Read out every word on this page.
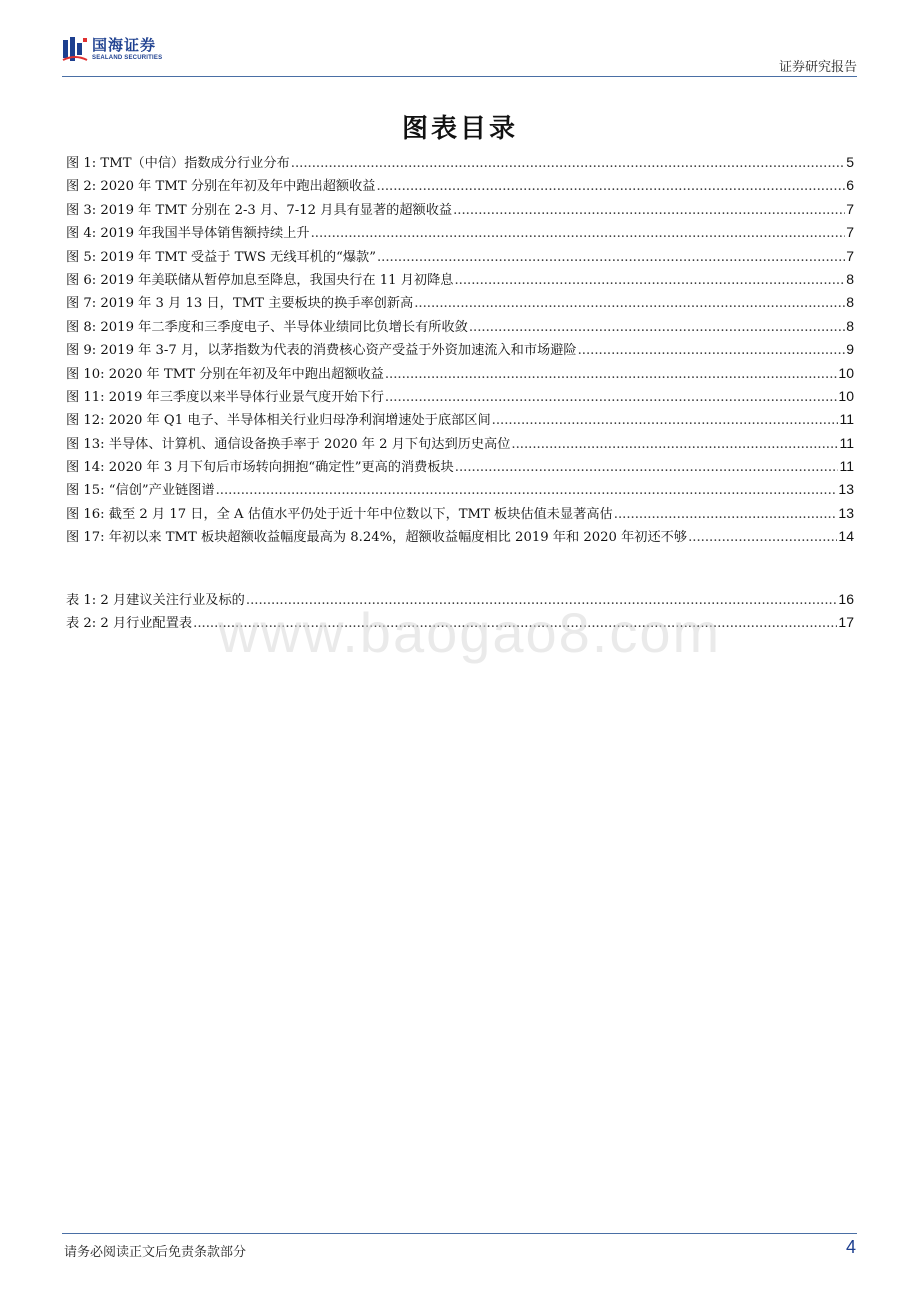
国海证券
SEALAND SECURITIES
证券研究报告
图表目录
图 1: TMT（中信）指数成分行业分布 .....	5
图 2: 2020 年 TMT 分别在年初及年中跑出超额收益 .....	6
图 3: 2019 年 TMT 分别在 2-3 月、7-12 月具有显著的超额收益 .....	7
图 4: 2019 年我国半导体销售额持续上升 .....	7
图 5: 2019 年 TMT 受益于 TWS 无线耳机的“爆款” .....	7
图 6: 2019 年美联储从暂停加息至降息，我国央行在 11 月初降息 .....	8
图 7: 2019 年 3 月 13 日，TMT 主要板块的换手率创新高 .....	8
图 8: 2019 年二季度和三季度电子、半导体业绩同比负增长有所收敛 .....	8
图 9: 2019 年 3-7 月，以茅指数为代表的消费核心资产受益于外资加速流入和市场避险 .....	9
图 10: 2020 年 TMT 分别在年初及年中跑出超额收益 .....	10
图 11: 2019 年三季度以来半导体行业景气度开始下行 .....	10
图 12: 2020 年 Q1 电子、半导体相关行业归母净利润增速处于底部区间 .....	11
图 13: 半导体、计算机、通信设备换手率于 2020 年 2 月下旬达到历史高位 .....	11
图 14: 2020 年 3 月下旬后市场转向拥抱“确定性”更高的消费板块 .....	11
图 15: “信创”产业链图谱 .....	13
图 16: 截至 2 月 17 日，全 A 估值水平仍处于近十年中位数以下，TMT 板块估值未显著高估 .....	13
图 17: 年初以来 TMT 板块超额收益幅度最高为 8.24%，超额收益幅度相比 2019 年和 2020 年初还不够 .....	14
表 1: 2 月建议关注行业及标的 .....	16
表 2: 2 月行业配置表 .....	17
www.baogao8.com
请务必阅读正文后免责条款部分	4
